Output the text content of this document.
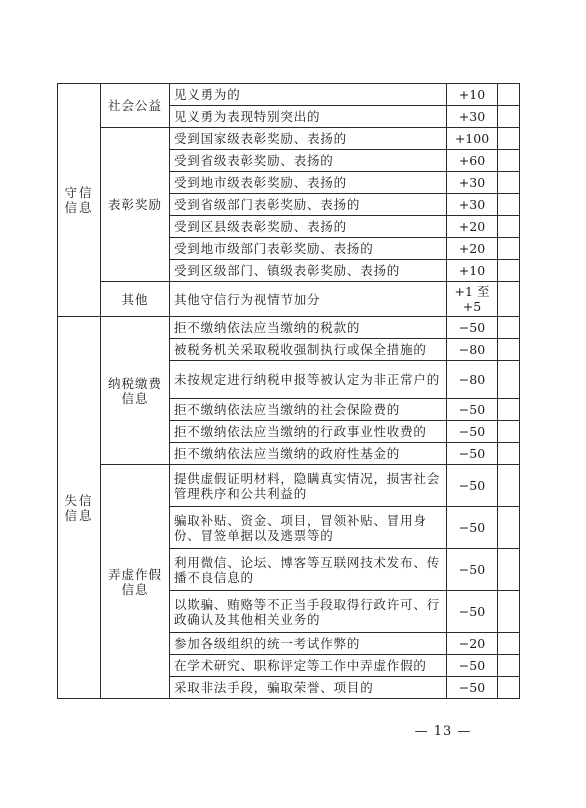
守信信息	社会公益	见义勇为的	+10	
		见义勇为表现特别突出的	+30	
	表彰奖励	受到国家级表彰奖励、表扬的	+100	
		受到省级表彰奖励、表扬的	+60	
		受到地市级表彰奖励、表扬的	+30	
		受到省级部门表彰奖励、表扬的	+30	
		受到区县级表彰奖励、表扬的	+20	
		受到地市级部门表彰奖励、表扬的	+20	
		受到区级部门、镇级表彰奖励、表扬的	+10	
	其他	其他守信行为视情节加分	+1 至 +5	
失信信息	纳税缴费信息	拒不缴纳依法应当缴纳的税款的	−50	
		被税务机关采取税收强制执行或保全措施的	−80	
		未按规定进行纳税申报等被认定为非正常户的	−80	
		拒不缴纳依法应当缴纳的社会保险费的	−50	
		拒不缴纳依法应当缴纳的行政事业性收费的	−50	
		拒不缴纳依法应当缴纳的政府性基金的	−50	
	弄虚作假信息	提供虚假证明材料，隐瞒真实情况，损害社会管理秩序和公共利益的	−50	
		骗取补贴、资金、项目，冒领补贴、冒用身份、冒签单据以及逃票等的	−50	
		利用微信、论坛、博客等互联网技术发布、传播不良信息的	−50	
		以欺骗、贿赂等不正当手段取得行政许可、行政确认及其他相关业务的	−50	
		参加各级组织的统一考试作弊的	−20	
		在学术研究、职称评定等工作中弄虚作假的	−50	
		采取非法手段，骗取荣誉、项目的	−50	
— 13 —
